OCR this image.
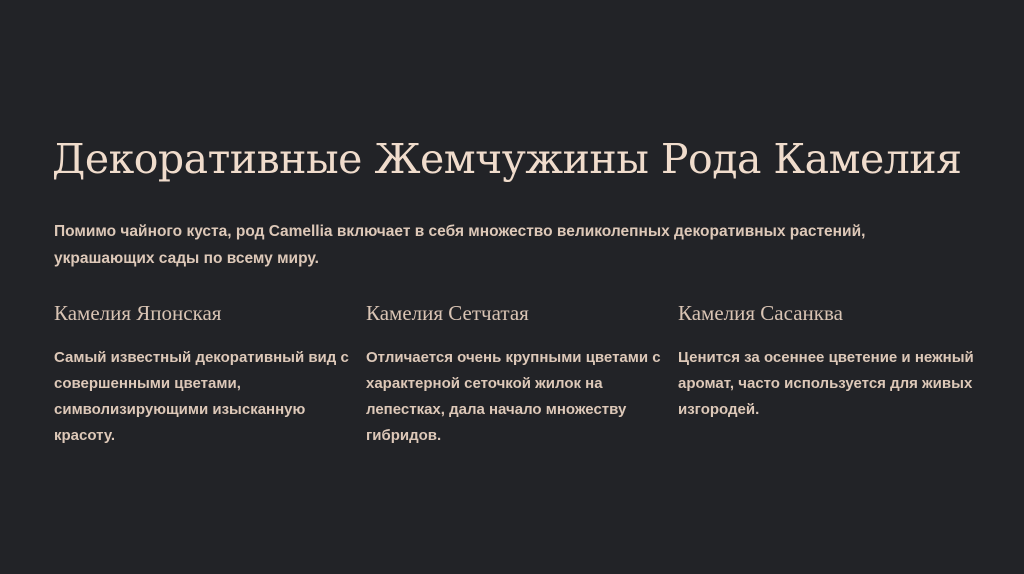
Декоративные Жемчужины Рода Камелия

Помимо чайного куста, род Camellia включает в себя множество великолепных декоративных растений, украшающих сады по всему миру.

Камелия Японская

Самый известный декоративный вид с совершенными цветами, символизирующими изысканную красоту.

Камелия Сетчатая

Отличается очень крупными цветами с характерной сеточкой жилок на лепестках, дала начало множеству гибридов.

Камелия Сасанква

Ценится за осеннее цветение и нежный аромат, часто используется для живых изгородей.
